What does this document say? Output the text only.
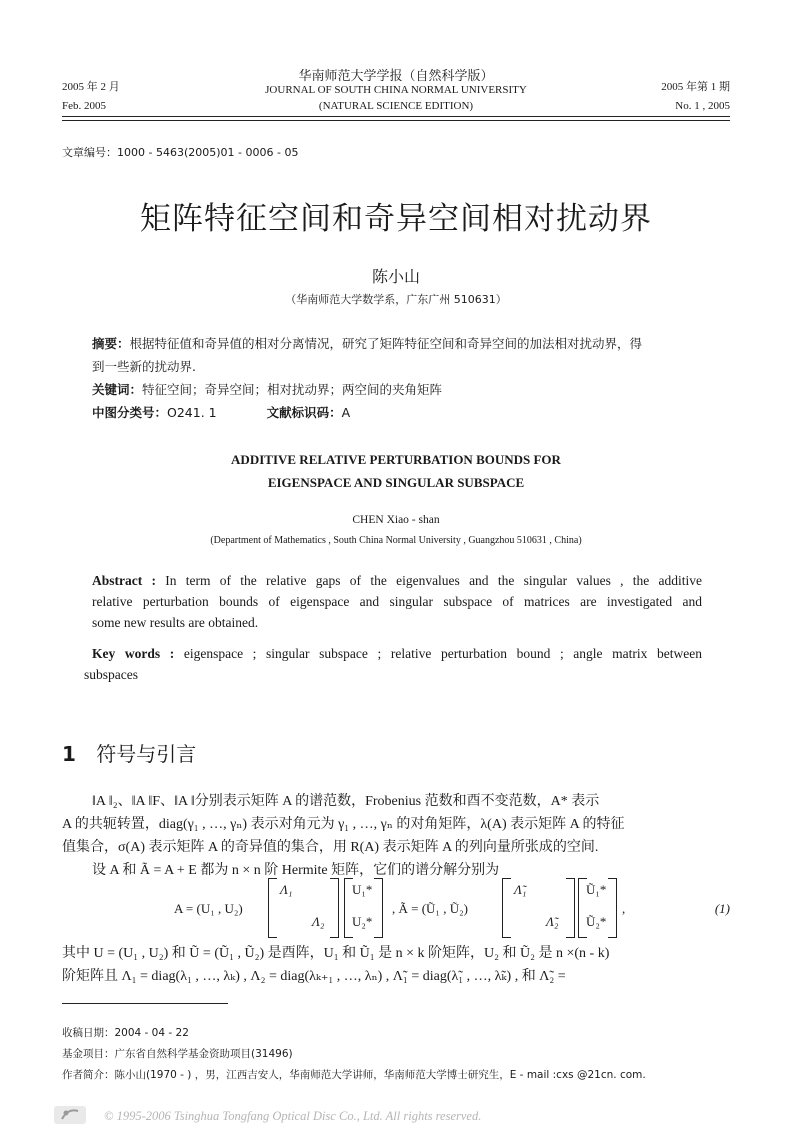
2005 年 2 月
Feb. 2005
华南师范大学学报（自然科学版）
JOURNAL OF SOUTH CHINA NORMAL UNIVERSITY
(NATURAL SCIENCE EDITION)
2005 年第 1 期
No. 1 , 2005
文章编号：1000 - 5463(2005)01 - 0006 - 05
矩阵特征空间和奇异空间相对扰动界
陈小山
（华南师范大学数学系，广东广州 510631）
摘要：根据特征值和奇异值的相对分离情况，研究了矩阵特征空间和奇异空间的加法相对扰动界，得
到一些新的扰动界.
关键词：特征空间；奇异空间；相对扰动界；两空间的夹角矩阵
中图分类号：O241. 1	文献标识码：A
ADDITIVE RELATIVE PERTURBATION BOUNDS FOR
EIGENSPACE AND SINGULAR SUBSPACE
CHEN Xiao - shan
(Department of Mathematics , South China Normal University , Guangzhou 510631 , China)
Abstract : In term of the relative gaps of the eigenvalues and the singular values , the additive
relative perturbation bounds of eigenspace and singular subspace of matrices are investigated and
some new results are obtained.
Key words : eigenspace ; singular subspace ; relative perturbation bound ; angle matrix between
subspaces
1 符号与引言
‖A ‖₂、‖A ‖F、‖A ‖分别表示矩阵 A 的谱范数，Frobenius 范数和酉不变范数，A* 表示
A 的共轭转置，diag(γ₁ , …, γₙ) 表示对角元为 γ₁ , …, γₙ 的对角矩阵，λ(A) 表示矩阵 A 的特征
值集合，σ(A) 表示矩阵 A 的奇异值的集合，用 R(A) 表示矩阵 A 的列向量所张成的空间.
设 A 和 Ã = A + E 都为 n × n 阶 Hermite 矩阵，它们的谱分解分别为
A = (U₁ , U₂)
Λ₁
Λ₂
U₁*
U₂*
, Ã = (Ũ₁ , Ũ₂)
Λ̃₁
Λ̃₂
Ũ₁*
Ũ₂*
,	(1)
其中 U = (U₁ , U₂) 和 Ũ = (Ũ₁ , Ũ₂) 是酉阵，U₁ 和 Ũ₁ 是 n × k 阶矩阵，U₂ 和 Ũ₂ 是 n ×(n - k)
阶矩阵且 Λ₁ = diag(λ₁ , …, λₖ) , Λ₂ = diag(λₖ₊₁ , …, λₙ) , Λ̃₁ = diag(λ̃₁ , …, λ̃ₖ) , 和 Λ̃₂ =
收稿日期：2004 - 04 - 22
基金项目：广东省自然科学基金资助项目(31496)
作者简介：陈小山(1970 - ) ，男，江西吉安人，华南师范大学讲师，华南师范大学博士研究生，E - mail :cxs @21cn. com.
© 1995-2006 Tsinghua Tongfang Optical Disc Co., Ltd. All rights reserved.
